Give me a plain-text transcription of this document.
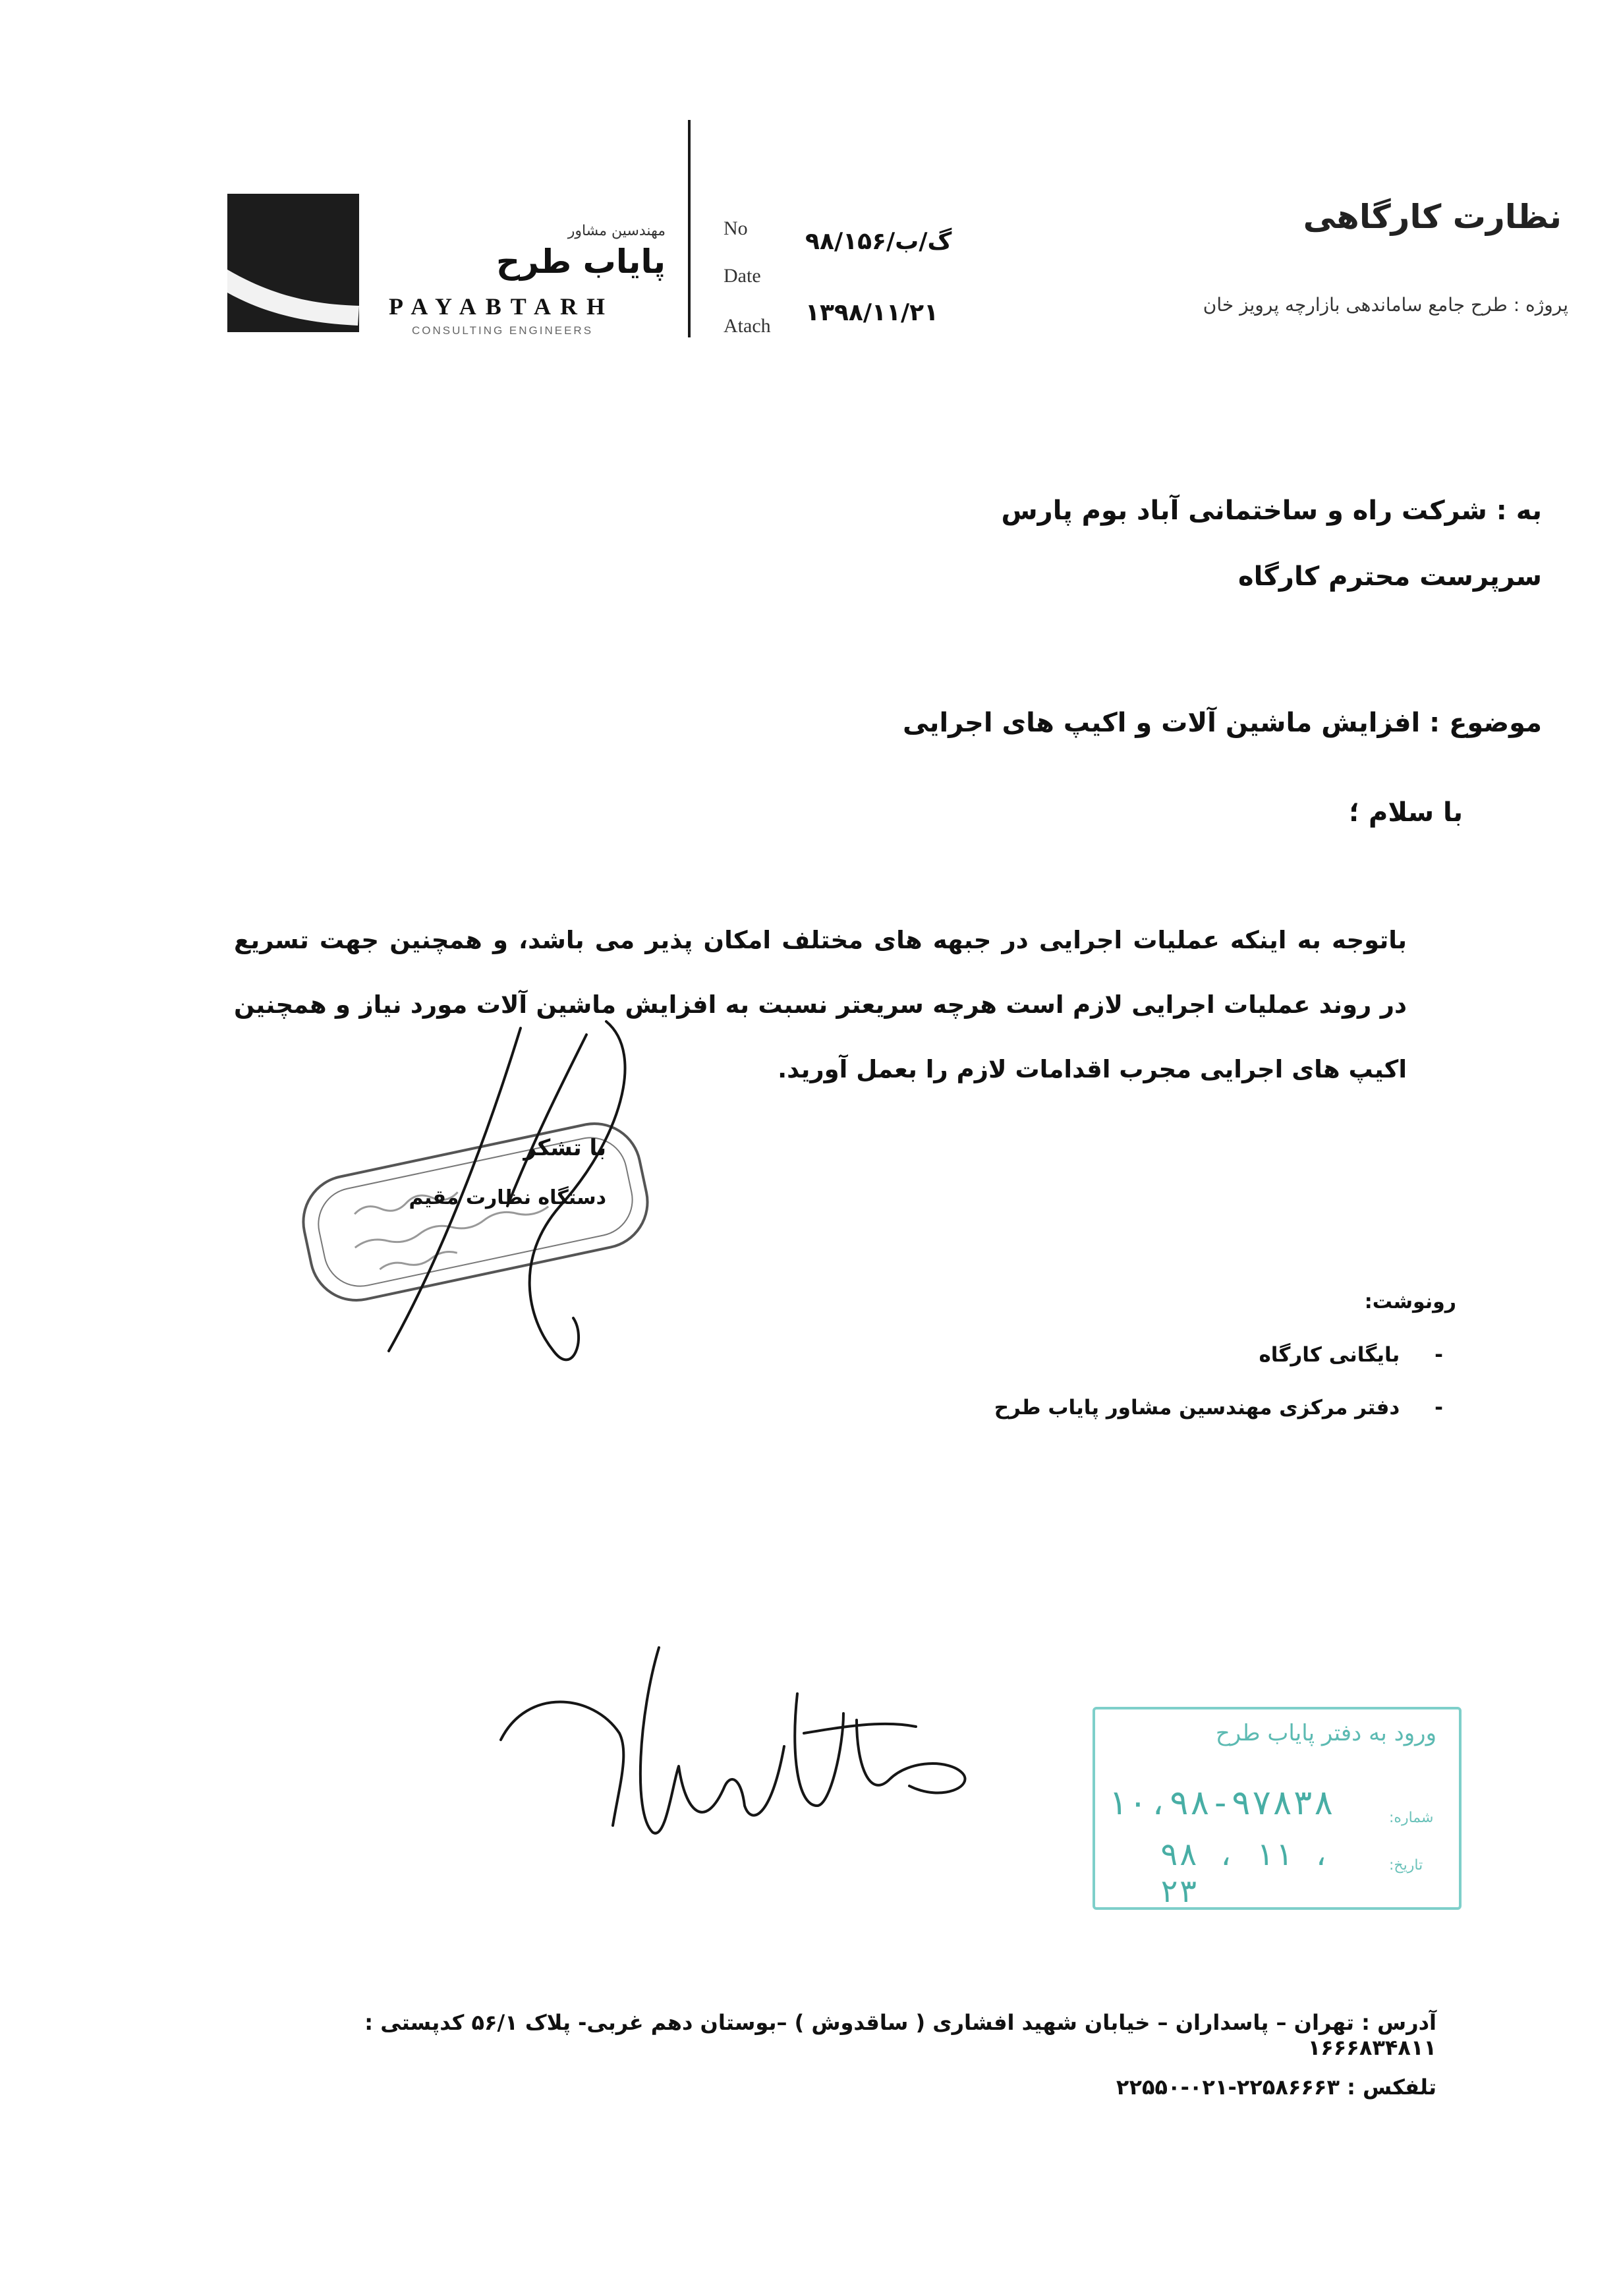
مهندسین مشاور
پایاب طرح
PAYABTARH
CONSULTING ENGINEERS
No
Date
Atach
۹۸/گ/ب/۱۵۶
۱۳۹۸/۱۱/۲۱
نظارت کارگاهی
پروژه : طرح جامع ساماندهی بازارچه پرویز خان
به : شرکت راه و ساختمانی آباد بوم پارس
سرپرست محترم کارگاه
موضوع : افزایش ماشین آلات و اکیپ های اجرایی
با سلام ؛
باتوجه به اینکه عملیات اجرایی در جبهه های مختلف امکان پذیر می باشد، و همچنین جهت تسریع در روند عملیات اجرایی لازم است هرچه سریعتر نسبت به افزایش ماشین آلات مورد نیاز و همچنین اکیپ های اجرایی مجرب اقدامات لازم را بعمل آورید.
با تشکر
دستگاه نظارت مقیم
رونوشت:
- بایگانی کارگاه
- دفتر مرکزی مهندسین مشاور پایاب طرح
ورود به دفتر پایاب طرح
شماره:
۱۰،۹۸-۹۷۸۳۸
تاریخ:
۹۸ ، ۱۱ ، ۲۳
آدرس : تهران – پاسداران – خیابان شهید افشاری ( ساقدوش ) –بوستان دهم غربی- پلاک ۵۶/۱ کدپستی : ۱۶۶۶۸۳۴۸۱۱
تلفکس : ۲۲۵۸۶۶۶۳-۰۲۱-۲۲۵۵۰
